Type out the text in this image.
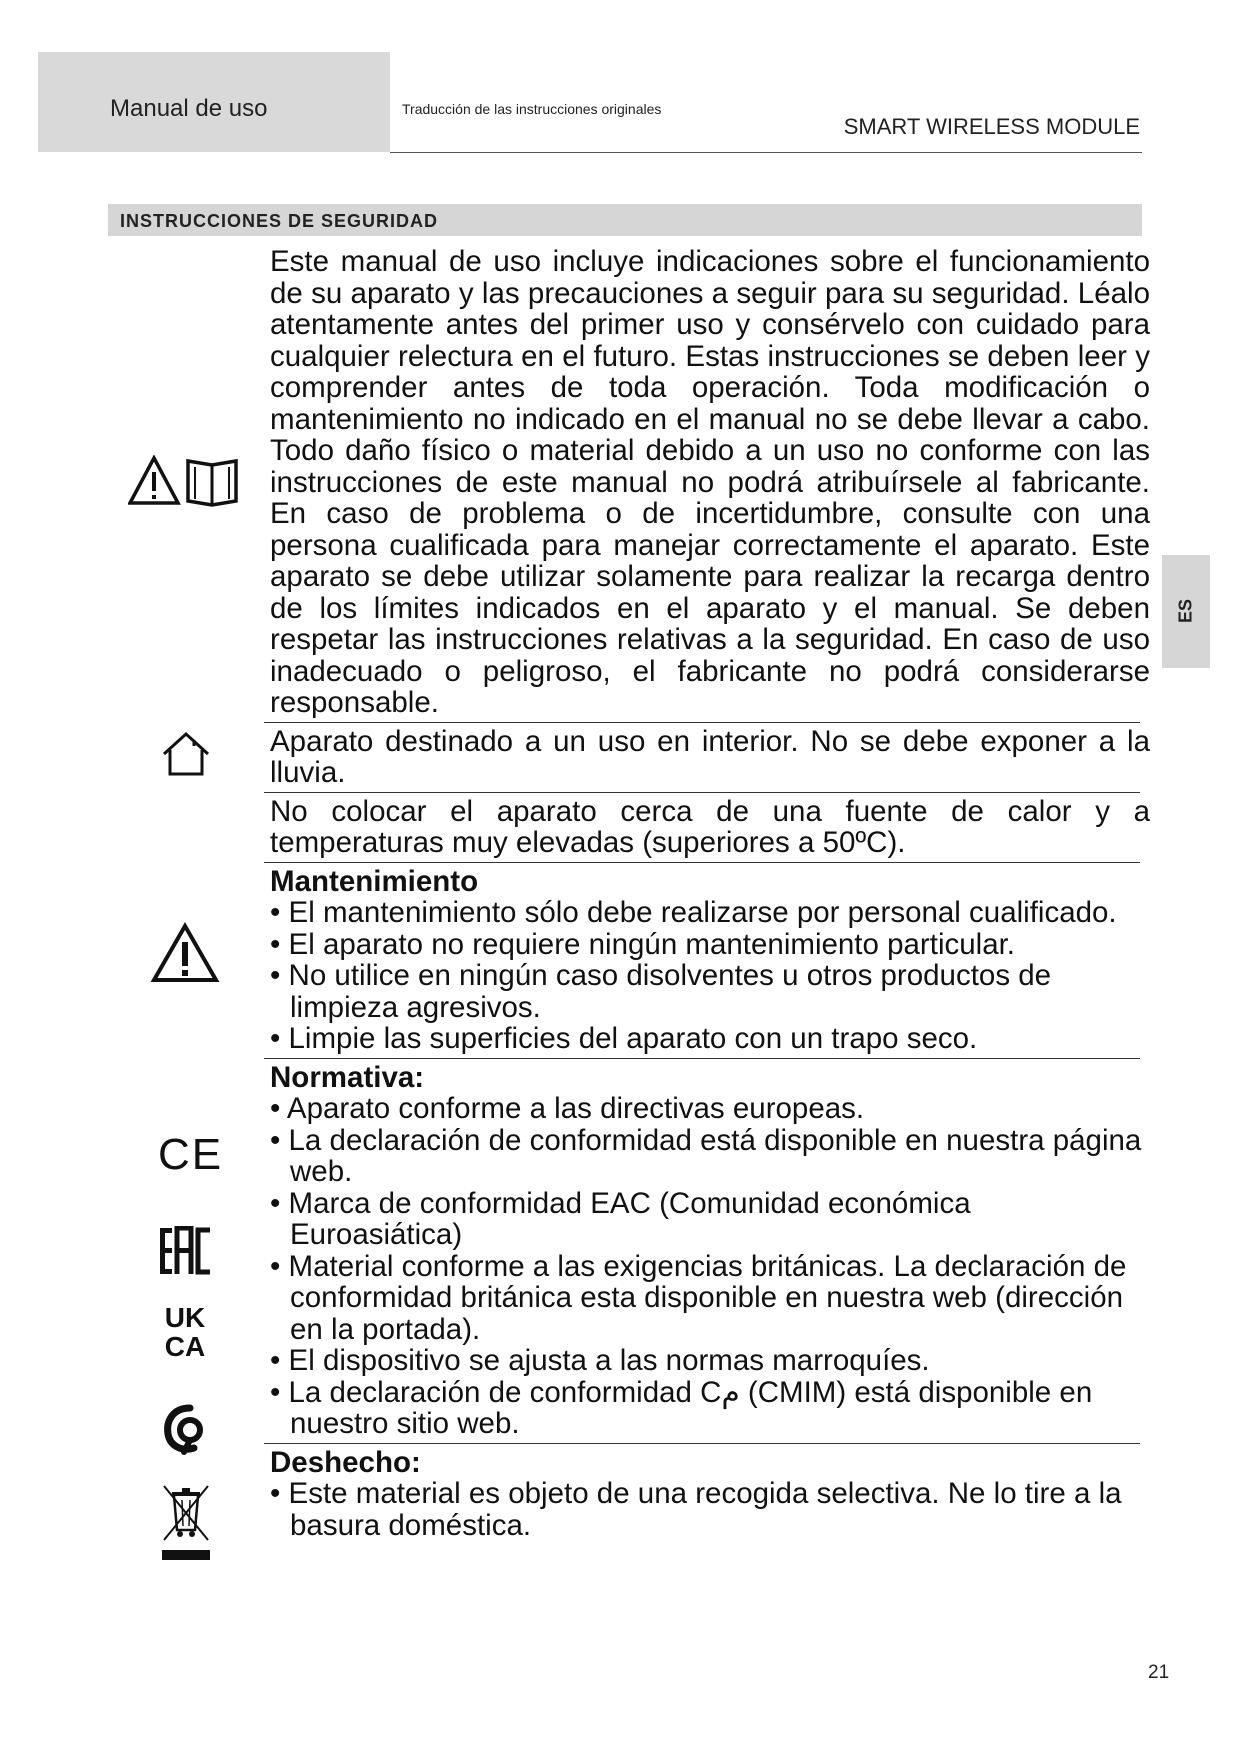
Manual de uso	Traducción de las instrucciones originales
SMART WIRELESS MODULE
INSTRUCCIONES DE SEGURIDAD
ES
CE
EAC
UK
CA

Este manual de uso incluye indicaciones sobre el funcionamiento de su aparato y las precauciones a seguir para su seguridad. Léalo atentamente antes del primer uso y consérvelo con cuidado para cualquier relectura en el futuro. Estas instrucciones se deben leer y comprender antes de toda operación. Toda modificación o mantenimiento no indicado en el manual no se debe llevar a cabo. Todo daño físico o material debido a un uso no conforme con las instrucciones de este manual no podrá atribuírsele al fabricante. En caso de problema o de incertidumbre, consulte con una persona cualificada para manejar correctamente el aparato. Este aparato se debe utilizar solamente para realizar la recarga dentro de los límites indicados en el aparato y el manual. Se deben respetar las instrucciones relativas a la seguridad. En caso de uso inadecuado o peligroso, el fabricante no podrá considerarse responsable.

Aparato destinado a un uso en interior. No se debe exponer a la lluvia.

No colocar el aparato cerca de una fuente de calor y a temperaturas muy elevadas (superiores a 50ºC).

Mantenimiento

• El mantenimiento sólo debe realizarse por personal cualificado.

• El aparato no requiere ningún mantenimiento particular.

• No utilice en ningún caso disolventes u otros productos de limpieza agresivos.

• Limpie las superficies del aparato con un trapo seco.

Normativa:

• Aparato conforme a las directivas europeas.

• La declaración de conformidad está disponible en nuestra página web.

• Marca de conformidad EAC (Comunidad económica Euroasiática)

• Material conforme a las exigencias británicas. La declaración de conformidad británica esta disponible en nuestra web (dirección en la portada).

• El dispositivo se ajusta a las normas marroquíes.

• La declaración de conformidad Cم (CMIM) está disponible en nuestro sitio web.

Deshecho:

• Este material es objeto de una recogida selectiva. Ne lo tire a la basura doméstica.

21
